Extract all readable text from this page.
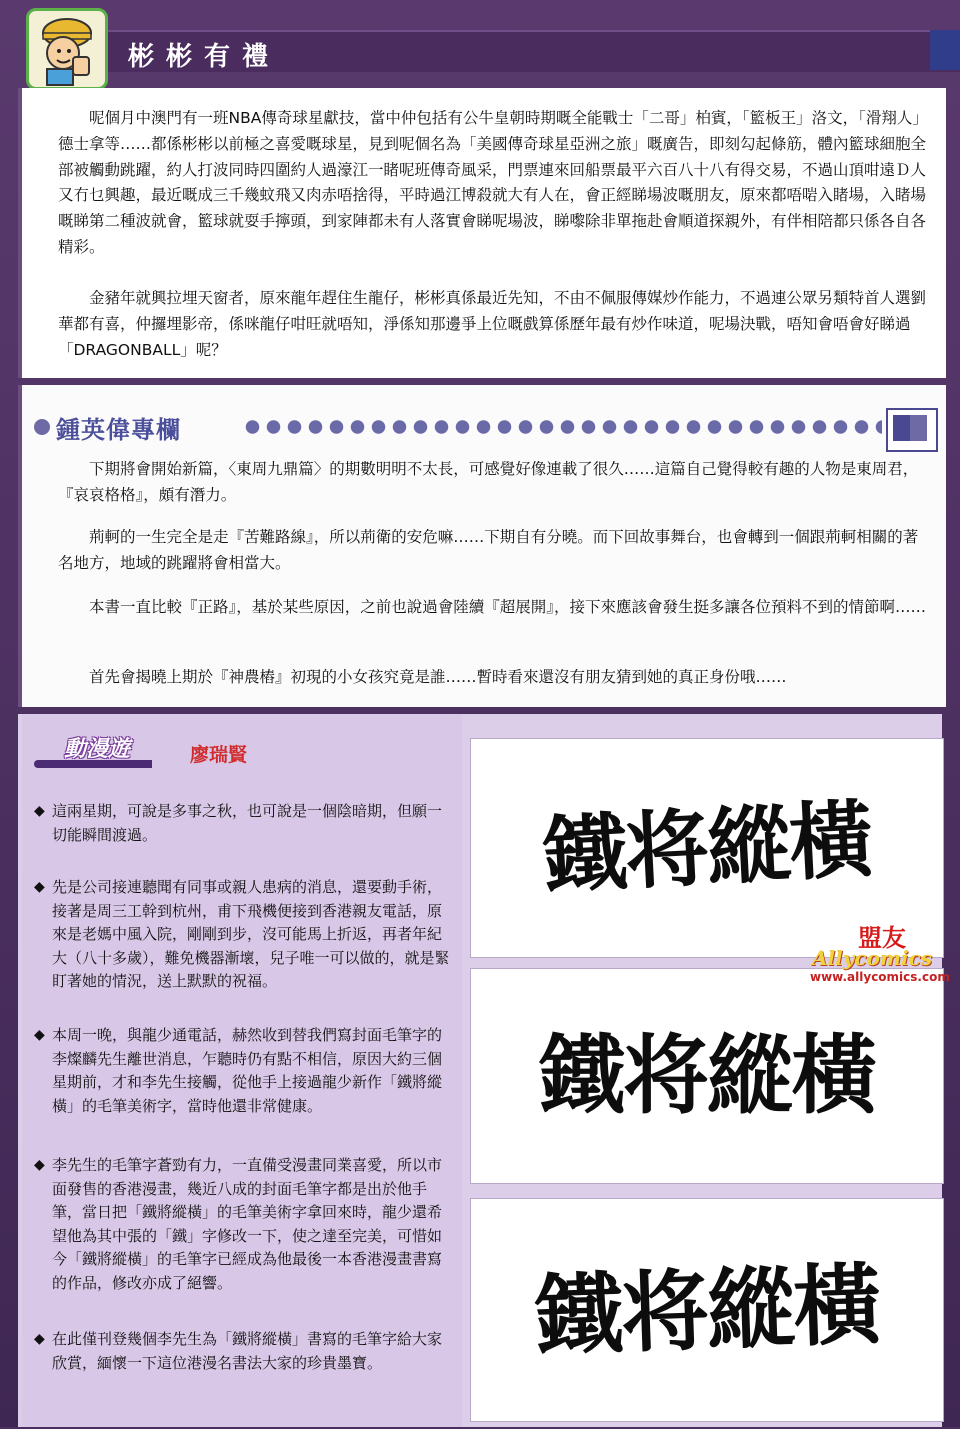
彬彬有禮

呢個月中澳門有一班NBA傳奇球星獻技，當中仲包括有公牛皇朝時期嘅全能戰士「二哥」柏賓，「籃板王」洛文，「滑翔人」德士拿等……都係彬彬以前極之喜愛嘅球星，見到呢個名為「美國傳奇球星亞洲之旅」嘅廣告，即刻勾起條筋，體內籃球細胞全部被觸動跳躍，約人打波同時四圍約人過濠江一睹呢班傳奇風采，門票連來回船票最平六百八十八有得交易，不過山頂咁遠Ｄ人又冇乜興趣，最近嘅成三千幾蚊飛又肉赤唔捨得，平時過江博殺就大有人在，會正經睇場波嘅朋友，原來都唔啱入睹場，入睹場嘅睇第二種波就會，籃球就耍手擰頭，到家陣都未有人落實會睇呢場波，睇嚟除非單拖赴會順道探親外，有伴相陪都只係各自各精彩。

金豬年就興拉埋天窗者，原來龍年趕住生龍仔，彬彬真係最近先知，不由不佩服傳媒炒作能力，不過連公眾另類特首人選劉華都有喜，仲攞埋影帝，係咪龍仔咁旺就唔知，淨係知那邊爭上位嘅戲算係歷年最有炒作味道，呢場決戰，唔知會唔會好睇過「DRAGONBALL」呢？

下期將會開始新篇，〈東周九鼎篇〉的期數明明不太長，可感覺好像連載了很久……這篇自己覺得較有趣的人物是東周君，『哀哀格格』，頗有潛力。

荊軻的一生完全是走『苦難路線』，所以荊衛的安危嘛……下期自有分曉。而下回故事舞台，也會轉到一個跟荊軻相關的著名地方，地域的跳躍將會相當大。

本書一直比較『正路』，基於某些原因，之前也說過會陸續『超展開』，接下來應該會發生挺多讓各位預料不到的情節啊……

首先會揭曉上期於『神農樁』初現的小女孩究竟是誰……暫時看來還沒有朋友猜到她的真正身份哦……

鍾英偉專欄
動漫遊	廖瑞賢
◆ 這兩星期，可說是多事之秋，也可說是一個陰暗期，但願一切能瞬間渡過。
◆ 先是公司接連聽聞有同事或親人患病的消息，還要動手術，接著是周三工幹到杭州，甫下飛機便接到香港親友電話，原來是老媽中風入院，剛剛到步，沒可能馬上折返，再者年紀大（八十多歲），難免機器漸壞，兒子唯一可以做的，就是緊盯著她的情況，送上默默的祝福。
◆ 本周一晚，與龍少通電話，赫然收到替我們寫封面毛筆字的李燦麟先生離世消息，乍聽時仍有點不相信，原因大約三個星期前，才和李先生接觸，從他手上接過龍少新作「鐵將縱橫」的毛筆美術字，當時他還非常健康。
◆ 李先生的毛筆字蒼勁有力，一直備受漫畫同業喜愛，所以市面發售的香港漫畫，幾近八成的封面毛筆字都是出於他手筆，當日把「鐵將縱橫」的毛筆美術字拿回來時，龍少還希望他為其中張的「鐵」字修改一下，使之達至完美，可惜如今「鐵將縱橫」的毛筆字已經成為他最後一本香港漫畫書寫的作品，修改亦成了絕響。
◆ 在此僅刊登幾個李先生為「鐵將縱橫」書寫的毛筆字給大家欣賞，緬懷一下這位港漫名書法大家的珍貴墨寶。
鐵将縱橫
鐵将縱橫
鐵将縱橫
盟友
Allycomics
www.allycomics.com
